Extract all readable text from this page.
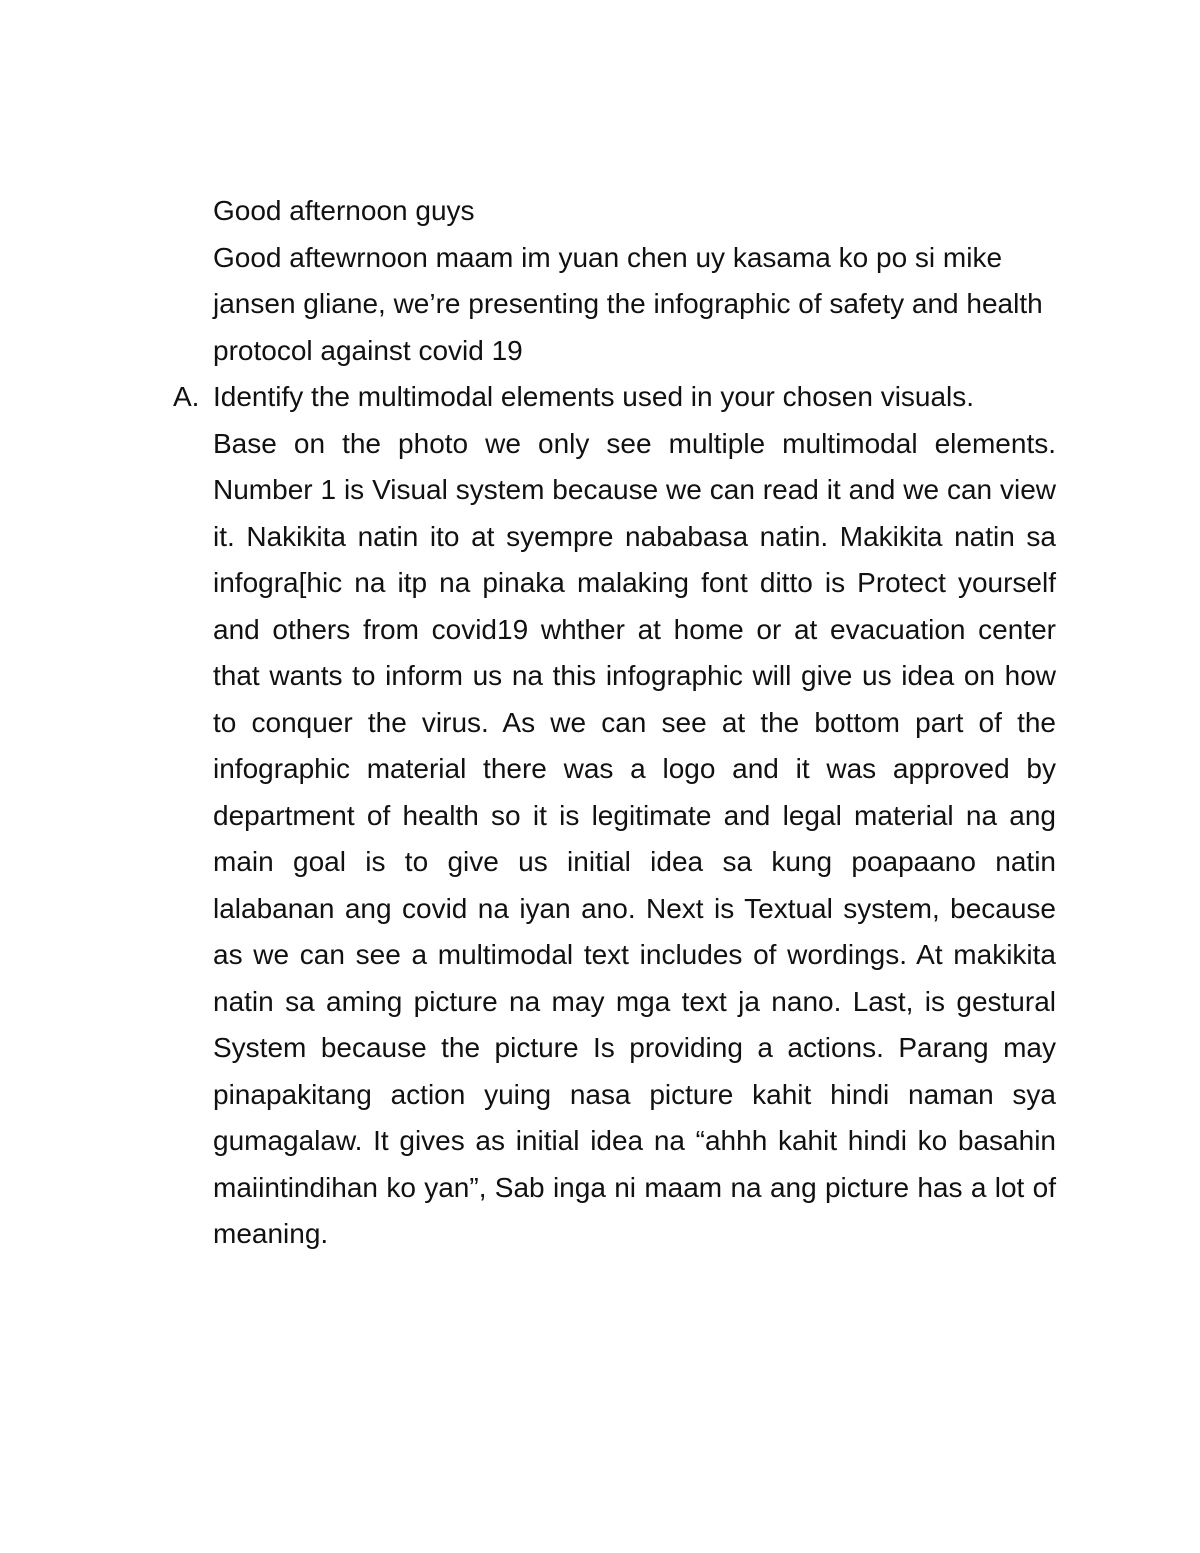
Good afternoon guys

Good aftewrnoon maam im yuan chen uy kasama ko po si mike jansen gliane, we’re presenting the infographic of safety and health protocol against covid 19

A. Identify the multimodal elements used in your chosen visuals.

Base on the photo we only see multiple multimodal elements. Number 1 is Visual system because we can read it and we can view it. Nakikita natin ito at syempre nababasa natin. Makikita natin sa infogra[hic na itp na pinaka malaking font ditto is Protect yourself and others from covid19 whther at home or at evacuation center that wants to inform us na this infographic will give us idea on how to conquer the virus. As we can see at the bottom part of the infographic material there was a logo and it was approved by department of health so it is legitimate and legal material na ang main goal is to give us initial idea sa kung poapaano natin lalabanan ang covid na iyan ano. Next is Textual system, because as we can see a multimodal text includes of wordings. At makikita natin sa aming picture na may mga text ja nano. Last, is gestural System because the picture Is providing a actions. Parang may pinapakitang action yuing nasa picture kahit hindi naman sya gumagalaw. It gives as initial idea na “ahhh kahit hindi ko basahin maiintindihan ko yan”, Sab inga ni maam na ang picture has a lot of meaning.
